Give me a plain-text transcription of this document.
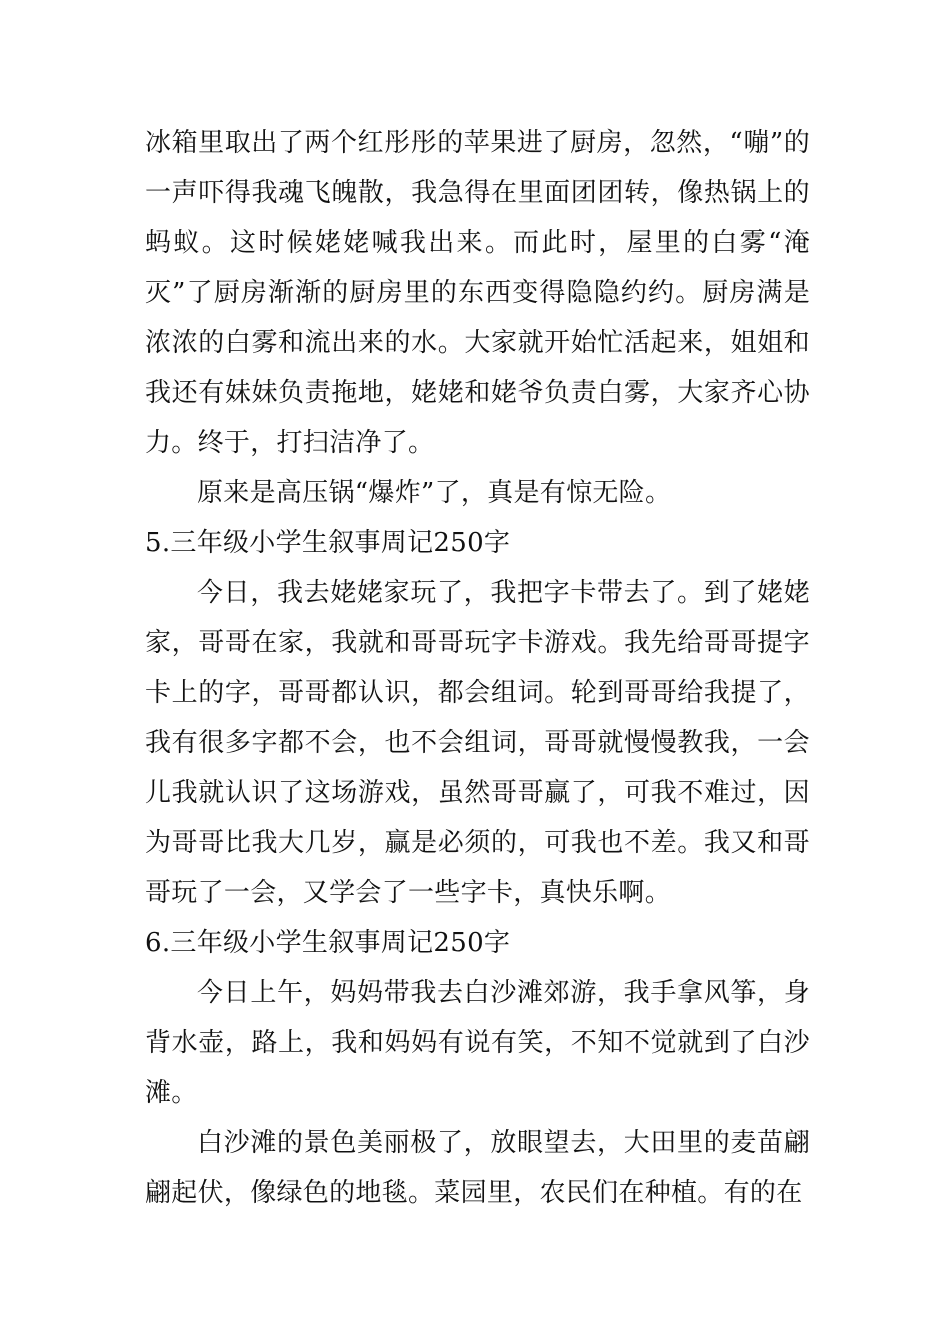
冰箱里取出了两个红彤彤的苹果进了厨房，忽然，“嘣”的一声吓得我魂飞魄散，我急得在里面团团转，像热锅上的蚂蚁。这时候姥姥喊我出来。而此时，屋里的白雾“淹灭”了厨房渐渐的厨房里的东西变得隐隐约约。厨房满是浓浓的白雾和流出来的水。大家就开始忙活起来，姐姐和我还有妹妹负责拖地，姥姥和姥爷负责白雾，大家齐心协力。终于，打扫洁净了。

原来是高压锅“爆炸”了，真是有惊无险。

5.三年级小学生叙事周记250字

今日，我去姥姥家玩了，我把字卡带去了。到了姥姥家，哥哥在家，我就和哥哥玩字卡游戏。我先给哥哥提字卡上的字，哥哥都认识，都会组词。轮到哥哥给我提了，我有很多字都不会，也不会组词，哥哥就慢慢教我，一会儿我就认识了这场游戏，虽然哥哥赢了，可我不难过，因为哥哥比我大几岁，赢是必须的，可我也不差。我又和哥哥玩了一会，又学会了一些字卡，真快乐啊。

6.三年级小学生叙事周记250字

今日上午，妈妈带我去白沙滩郊游，我手拿风筝，身背水壶，路上，我和妈妈有说有笑，不知不觉就到了白沙滩。

白沙滩的景色美丽极了，放眼望去，大田里的麦苗翩翩起伏，像绿色的地毯。菜园里，农民们在种植。有的在
